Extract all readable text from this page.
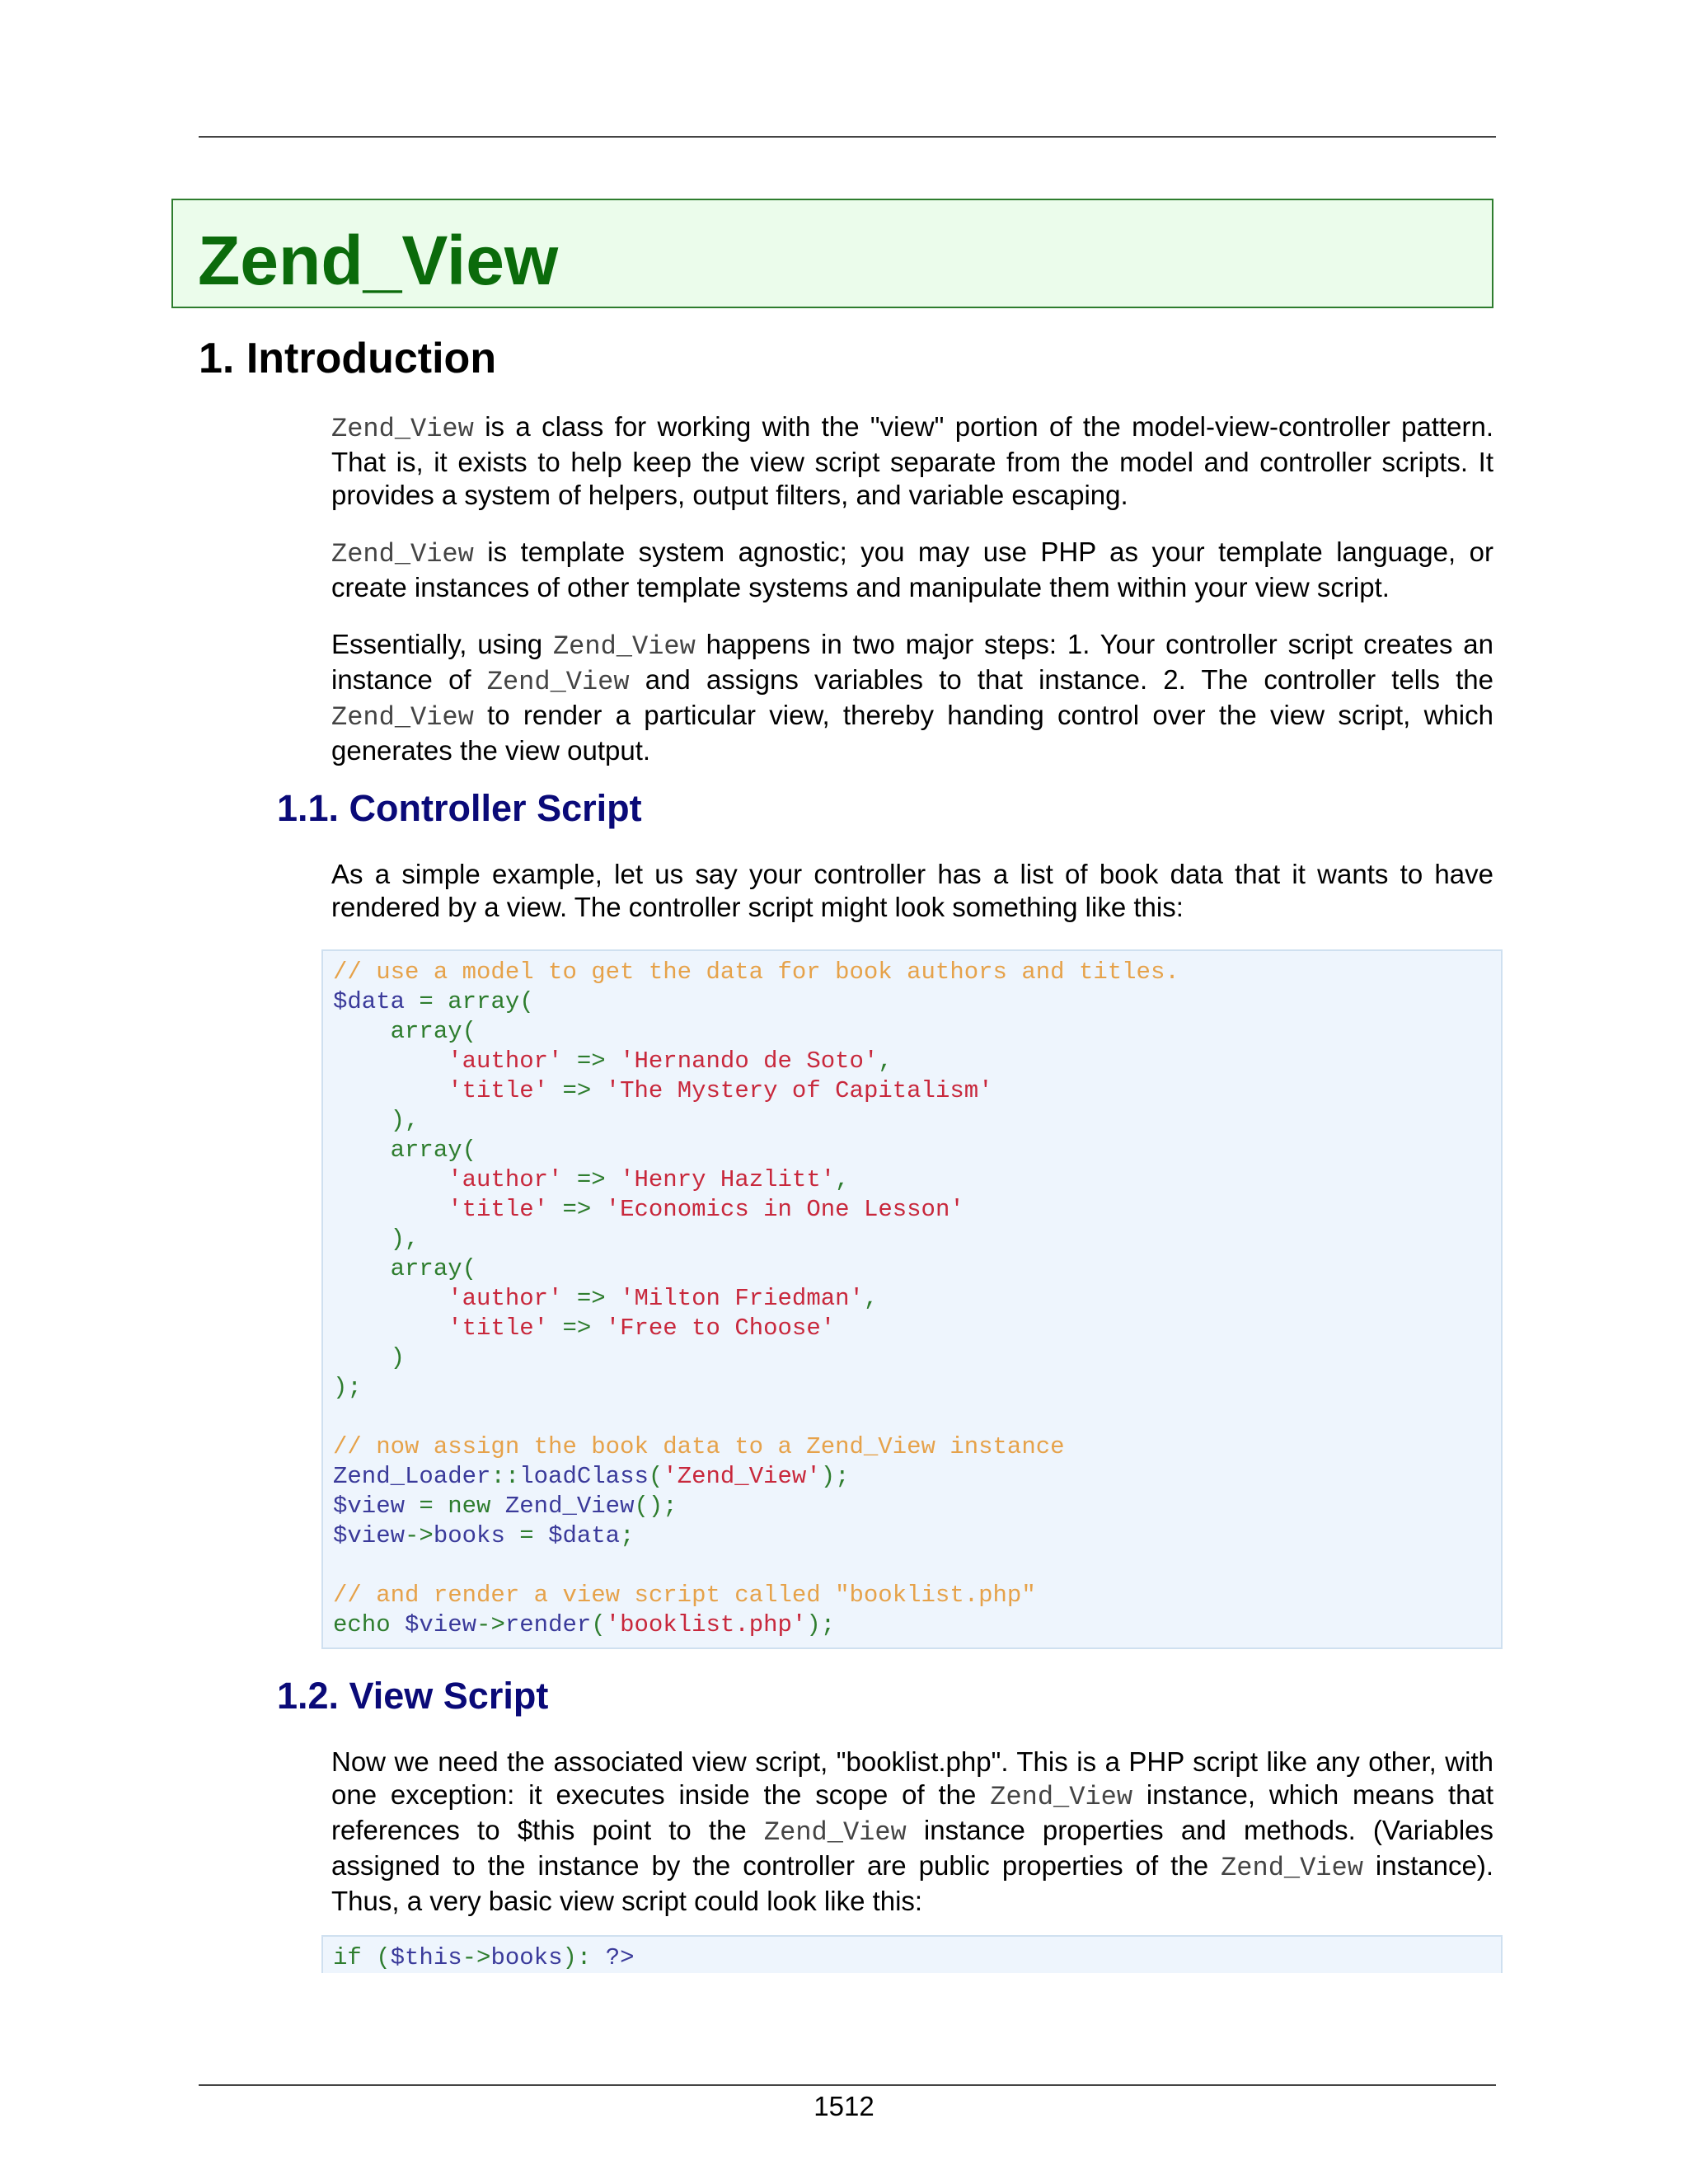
Zend_View
1. Introduction

Zend_View is a class for working with the "view" portion of the model-view-controller pattern. That is, it exists to help keep the view script separate from the model and controller scripts. It provides a system of helpers, output filters, and variable escaping.

Zend_View is template system agnostic; you may use PHP as your template language, or create instances of other template systems and manipulate them within your view script.

Essentially, using Zend_View happens in two major steps: 1. Your controller script creates an instance of Zend_View and assigns variables to that instance. 2. The controller tells the Zend_View to render a particular view, thereby handing control over the view script, which generates the view output.

1.1. Controller Script

As a simple example, let us say your controller has a list of book data that it wants to have rendered by a view. The controller script might look something like this:

// use a model to get the data for book authors and titles.
$data = array(
array(
'author' => 'Hernando de Soto',
'title' => 'The Mystery of Capitalism'
),
array(
'author' => 'Henry Hazlitt',
'title' => 'Economics in One Lesson'
),
array(
'author' => 'Milton Friedman',
'title' => 'Free to Choose'
)
);

// now assign the book data to a Zend_View instance
Zend_Loader::loadClass('Zend_View');
$view = new Zend_View();
$view->books = $data;

// and render a view script called "booklist.php"
echo $view->render('booklist.php');
1.2. View Script

Now we need the associated view script, "booklist.php". This is a PHP script like any other, with one exception: it executes inside the scope of the Zend_View instance, which means that references to $this point to the Zend_View instance properties and methods. (Variables assigned to the instance by the controller are public properties of the Zend_View instance). Thus, a very basic view script could look like this:

if ($this->books): ?>
1512
